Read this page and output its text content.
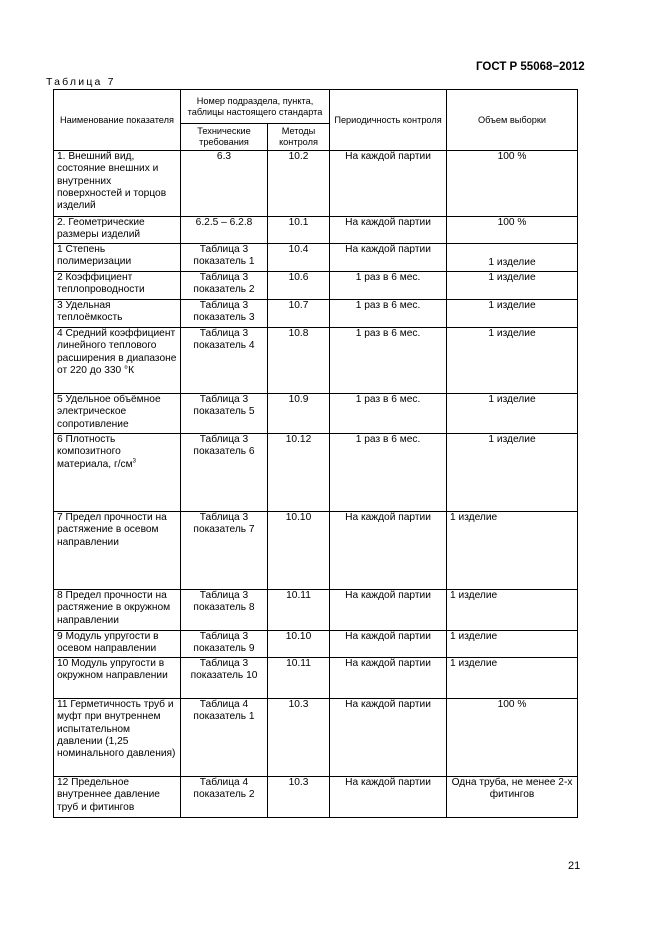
ГОСТ Р 55068−2012
Таблица 7
Наименование показателя	Номер подраздела, пункта, таблицы настоящего стандарта		Периодичность контроля	Объем выборки
	Технические требования	Методы контроля		
1. Внешний вид, состояние внешних и внутренних поверхностей и торцов изделий	6.3	10.2	На каждой партии	100 %
2. Геометрические размеры изделий	6.2.5 – 6.2.8	10.1	На каждой партии	100 %
1 Степень полимеризации	Таблица 3 показатель 1	10.4	На каждой партии	1 изделие
2 Коэффициент теплопроводности	Таблица 3 показатель 2	10.6	1 раз в 6 мес.	1 изделие
3 Удельная теплоёмкость	Таблица 3 показатель 3	10.7	1 раз в 6 мес.	1 изделие
4 Средний коэффициент линейного теплового расширения в диапазоне от 220 до 330 °К	Таблица 3 показатель 4	10.8	1 раз в 6 мес.	1 изделие
5 Удельное объёмное электрическое сопротивление	Таблица 3 показатель 5	10.9	1 раз в 6 мес.	1 изделие
6 Плотность композитного материала, $г/см^3$	Таблица 3 показатель 6	10.12	1 раз в 6 мес.	1 изделие
7 Предел прочности на растяжение в осевом направлении	Таблица 3 показатель 7	10.10	На каждой партии	1 изделие
8 Предел прочности на растяжение в окружном направлении	Таблица 3 показатель 8	10.11	На каждой партии	1 изделие
9 Модуль упругости в осевом направлении	Таблица 3 показатель 9	10.10	На каждой партии	1 изделие
10 Модуль упругости в окружном направлении	Таблица 3 показатель 10	10.11	На каждой партии	1 изделие
11 Герметичность труб и муфт при внутреннем испытательном давлении (1,25 номинального давления)	Таблица 4 показатель 1	10.3	На каждой партии	100 %
12 Предельное внутреннее давление труб и фитингов	Таблица 4 показатель 2	10.3	На каждой партии	Одна труба, не менее 2-х фитингов
21
